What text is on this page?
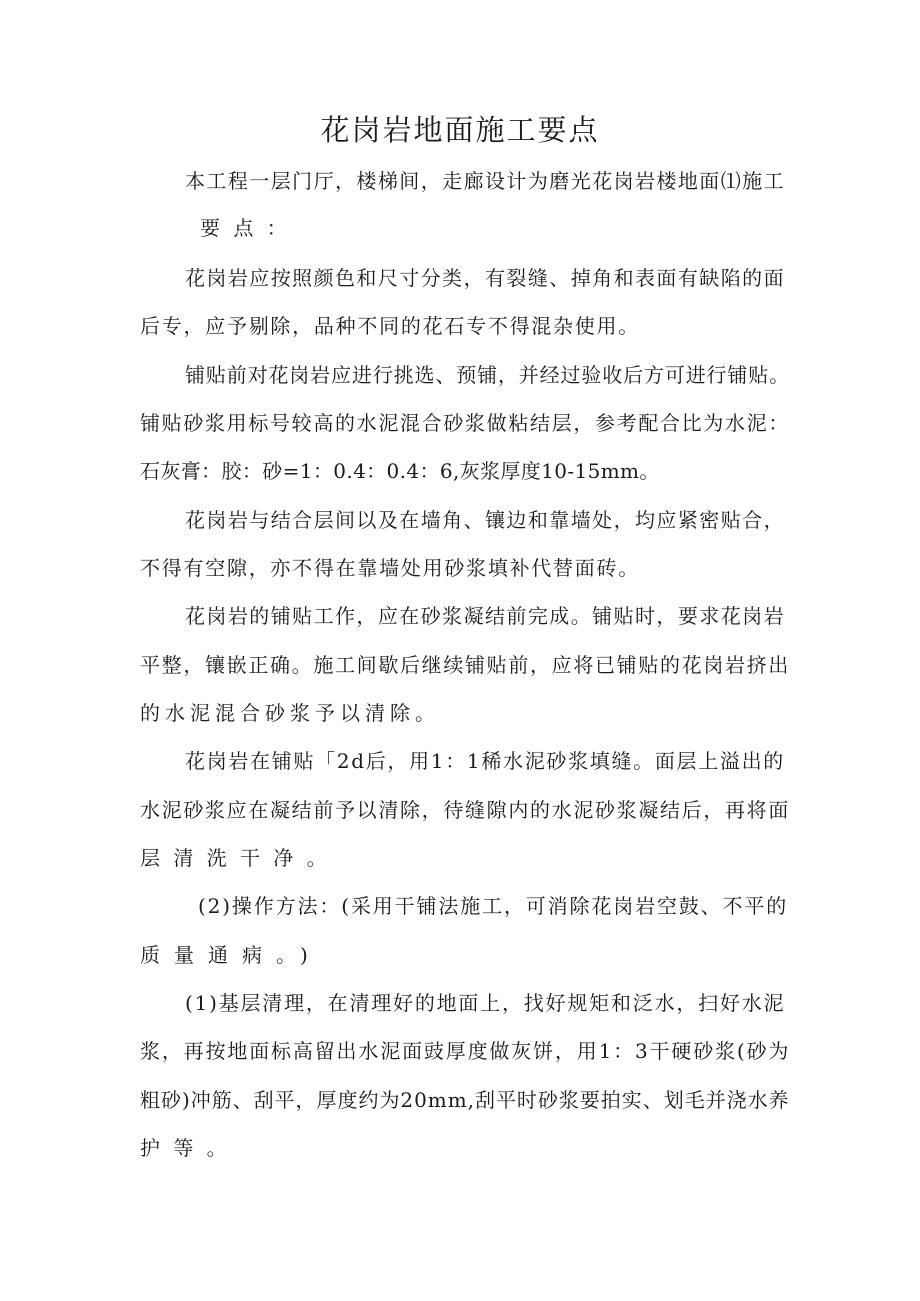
花岗岩地面施工要点
本工程一层门厅，楼梯间，走廊设计为磨光花岗岩楼地面⑴施工
要点：
花岗岩应按照颜色和尺寸分类，有裂缝、掉角和表面有缺陷的面
后专，应予剔除，品种不同的花石专不得混杂使用。
铺贴前对花岗岩应进行挑选、预铺，并经过验收后方可进行铺贴。
铺贴砂浆用标号较高的水泥混合砂浆做粘结层，参考配合比为水泥：
石灰膏：胶：砂=1：0.4：0.4：6,灰浆厚度10-15mm。
花岗岩与结合层间以及在墙角、镶边和靠墙处，均应紧密贴合，
不得有空隙，亦不得在靠墙处用砂浆填补代替面砖。
花岗岩的铺贴工作，应在砂浆凝结前完成。铺贴时，要求花岗岩
平整，镶嵌正确。施工间歇后继续铺贴前，应将已铺贴的花岗岩挤出
的水泥混合砂浆予以清除。
花岗岩在铺贴「2d后，用1：1稀水泥砂浆填缝。面层上溢出的
水泥砂浆应在凝结前予以清除，待缝隙内的水泥砂浆凝结后，再将面
层清洗干净。
(2)操作方法：(采用干铺法施工，可消除花岗岩空鼓、不平的
质量通病。)
(1)基层清理，在清理好的地面上，找好规矩和泛水，扫好水泥
浆，再按地面标高留出水泥面豉厚度做灰饼，用1：3干硬砂浆(砂为
粗砂)冲筋、刮平，厚度约为20mm,刮平时砂浆要拍实、划毛并浇水养
护等。
